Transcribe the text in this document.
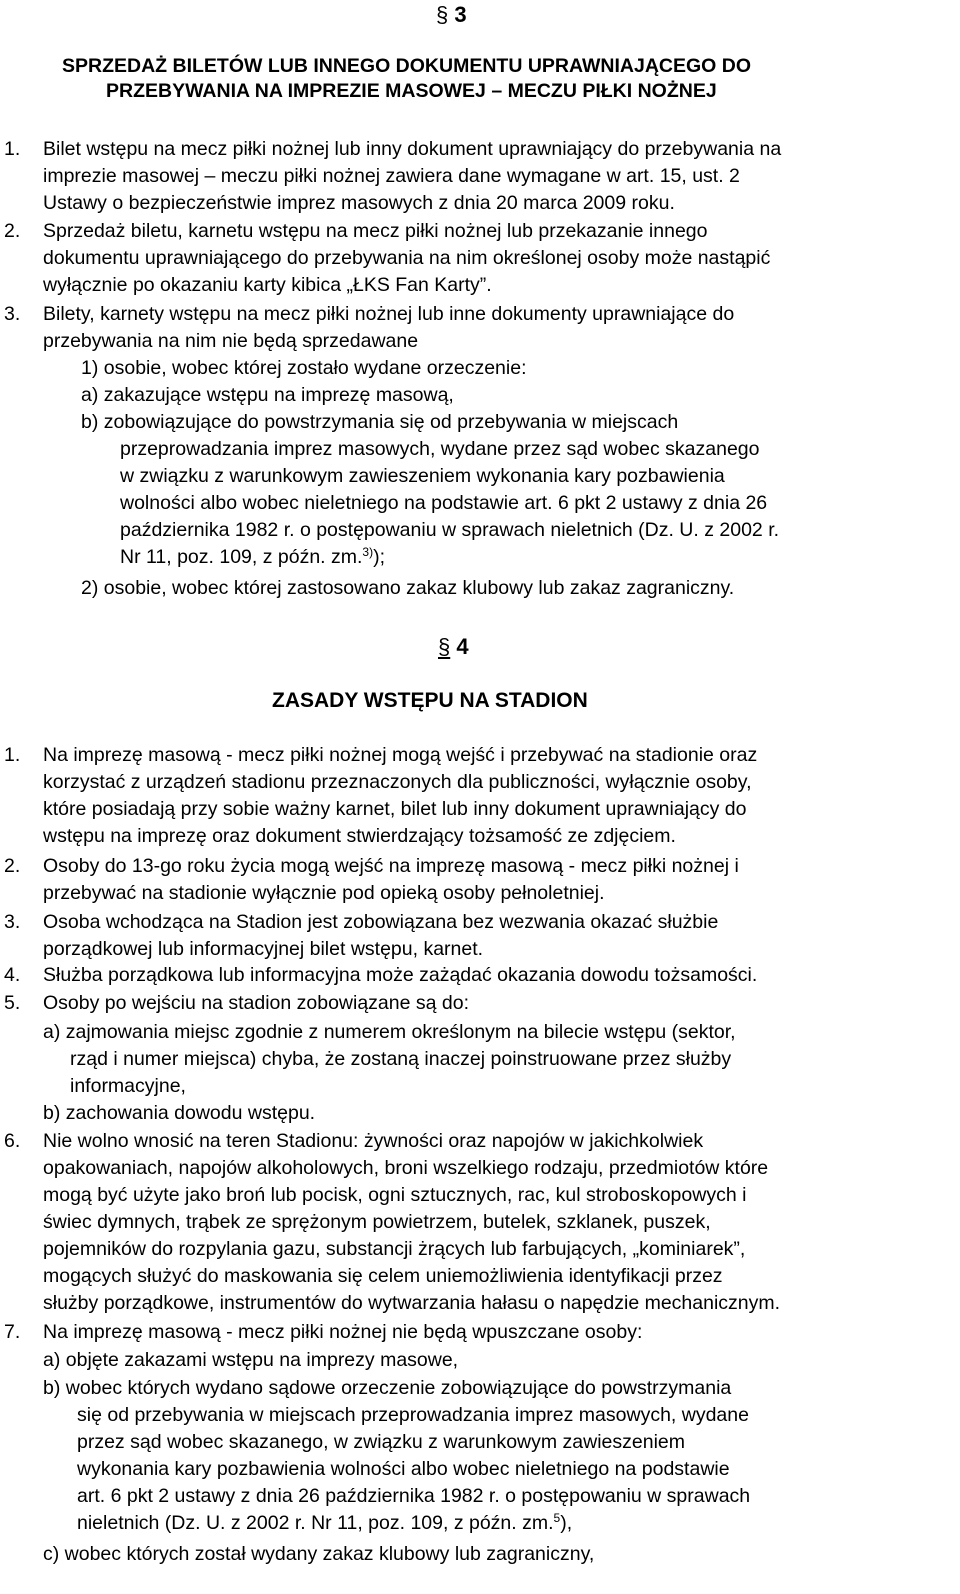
§ 3
SPRZEDAŻ BILETÓW LUB INNEGO DOKUMENTU UPRAWNIAJĄCEGO DO
PRZEBYWANIA NA IMPREZIE MASOWEJ – MECZU PIŁKI NOŻNEJ
1. Bilet wstępu na mecz piłki nożnej lub inny dokument uprawniający do przebywania na
imprezie masowej – meczu piłki nożnej zawiera dane wymagane w art. 15, ust. 2
Ustawy o bezpieczeństwie imprez masowych z dnia 20 marca 2009 roku.
2. Sprzedaż biletu, karnetu wstępu na mecz piłki nożnej lub przekazanie innego
dokumentu uprawniającego do przebywania na nim określonej osoby może nastąpić
wyłącznie po okazaniu karty kibica „ŁKS Fan Karty”.
3. Bilety, karnety wstępu na mecz piłki nożnej lub inne dokumenty uprawniające do
przebywania na nim nie będą sprzedawane
1) osobie, wobec której zostało wydane orzeczenie:
a) zakazujące wstępu na imprezę masową,
b) zobowiązujące do powstrzymania się od przebywania w miejscach
przeprowadzania imprez masowych, wydane przez sąd wobec skazanego
w związku z warunkowym zawieszeniem wykonania kary pozbawienia
wolności albo wobec nieletniego na podstawie art. 6 pkt 2 ustawy z dnia 26
października 1982 r. o postępowaniu w sprawach nieletnich (Dz. U. z 2002 r.
Nr 11, poz. 109, z późn. zm.$^{3)}$);
2) osobie, wobec której zastosowano zakaz klubowy lub zakaz zagraniczny.
§ 4
ZASADY WSTĘPU NA STADION
1. Na imprezę masową - mecz piłki nożnej mogą wejść i przebywać na stadionie oraz
korzystać z urządzeń stadionu przeznaczonych dla publiczności, wyłącznie osoby,
które posiadają przy sobie ważny karnet, bilet lub inny dokument uprawniający do
wstępu na imprezę oraz dokument stwierdzający tożsamość ze zdjęciem.
2. Osoby do 13-go roku życia mogą wejść na imprezę masową - mecz piłki nożnej i
przebywać na stadionie wyłącznie pod opieką osoby pełnoletniej.
3. Osoba wchodząca na Stadion jest zobowiązana bez wezwania okazać służbie
porządkowej lub informacyjnej bilet wstępu, karnet.
4. Służba porządkowa lub informacyjna może zażądać okazania dowodu tożsamości.
5. Osoby po wejściu na stadion zobowiązane są do:
a) zajmowania miejsc zgodnie z numerem określonym na bilecie wstępu (sektor,
rząd i numer miejsca) chyba, że zostaną inaczej poinstruowane przez służby
informacyjne,
b) zachowania dowodu wstępu.
6. Nie wolno wnosić na teren Stadionu: żywności oraz napojów w jakichkolwiek
opakowaniach, napojów alkoholowych, broni wszelkiego rodzaju, przedmiotów które
mogą być użyte jako broń lub pocisk, ogni sztucznych, rac, kul stroboskopowych i
świec dymnych, trąbek ze sprężonym powietrzem, butelek, szklanek, puszek,
pojemników do rozpylania gazu, substancji żrących lub farbujących, „kominiarek”,
mogących służyć do maskowania się celem uniemożliwienia identyfikacji przez
służby porządkowe, instrumentów do wytwarzania hałasu o napędzie mechanicznym.
7. Na imprezę masową - mecz piłki nożnej nie będą wpuszczane osoby:
a) objęte zakazami wstępu na imprezy masowe,
b) wobec których wydano sądowe orzeczenie zobowiązujące do powstrzymania
się od przebywania w miejscach przeprowadzania imprez masowych, wydane
przez sąd wobec skazanego, w związku z warunkowym zawieszeniem
wykonania kary pozbawienia wolności albo wobec nieletniego na podstawie
art. 6 pkt 2 ustawy z dnia 26 października 1982 r. o postępowaniu w sprawach
nieletnich (Dz. U. z 2002 r. Nr 11, poz. 109, z późn. zm.$^5$),
c) wobec których został wydany zakaz klubowy lub zagraniczny,
